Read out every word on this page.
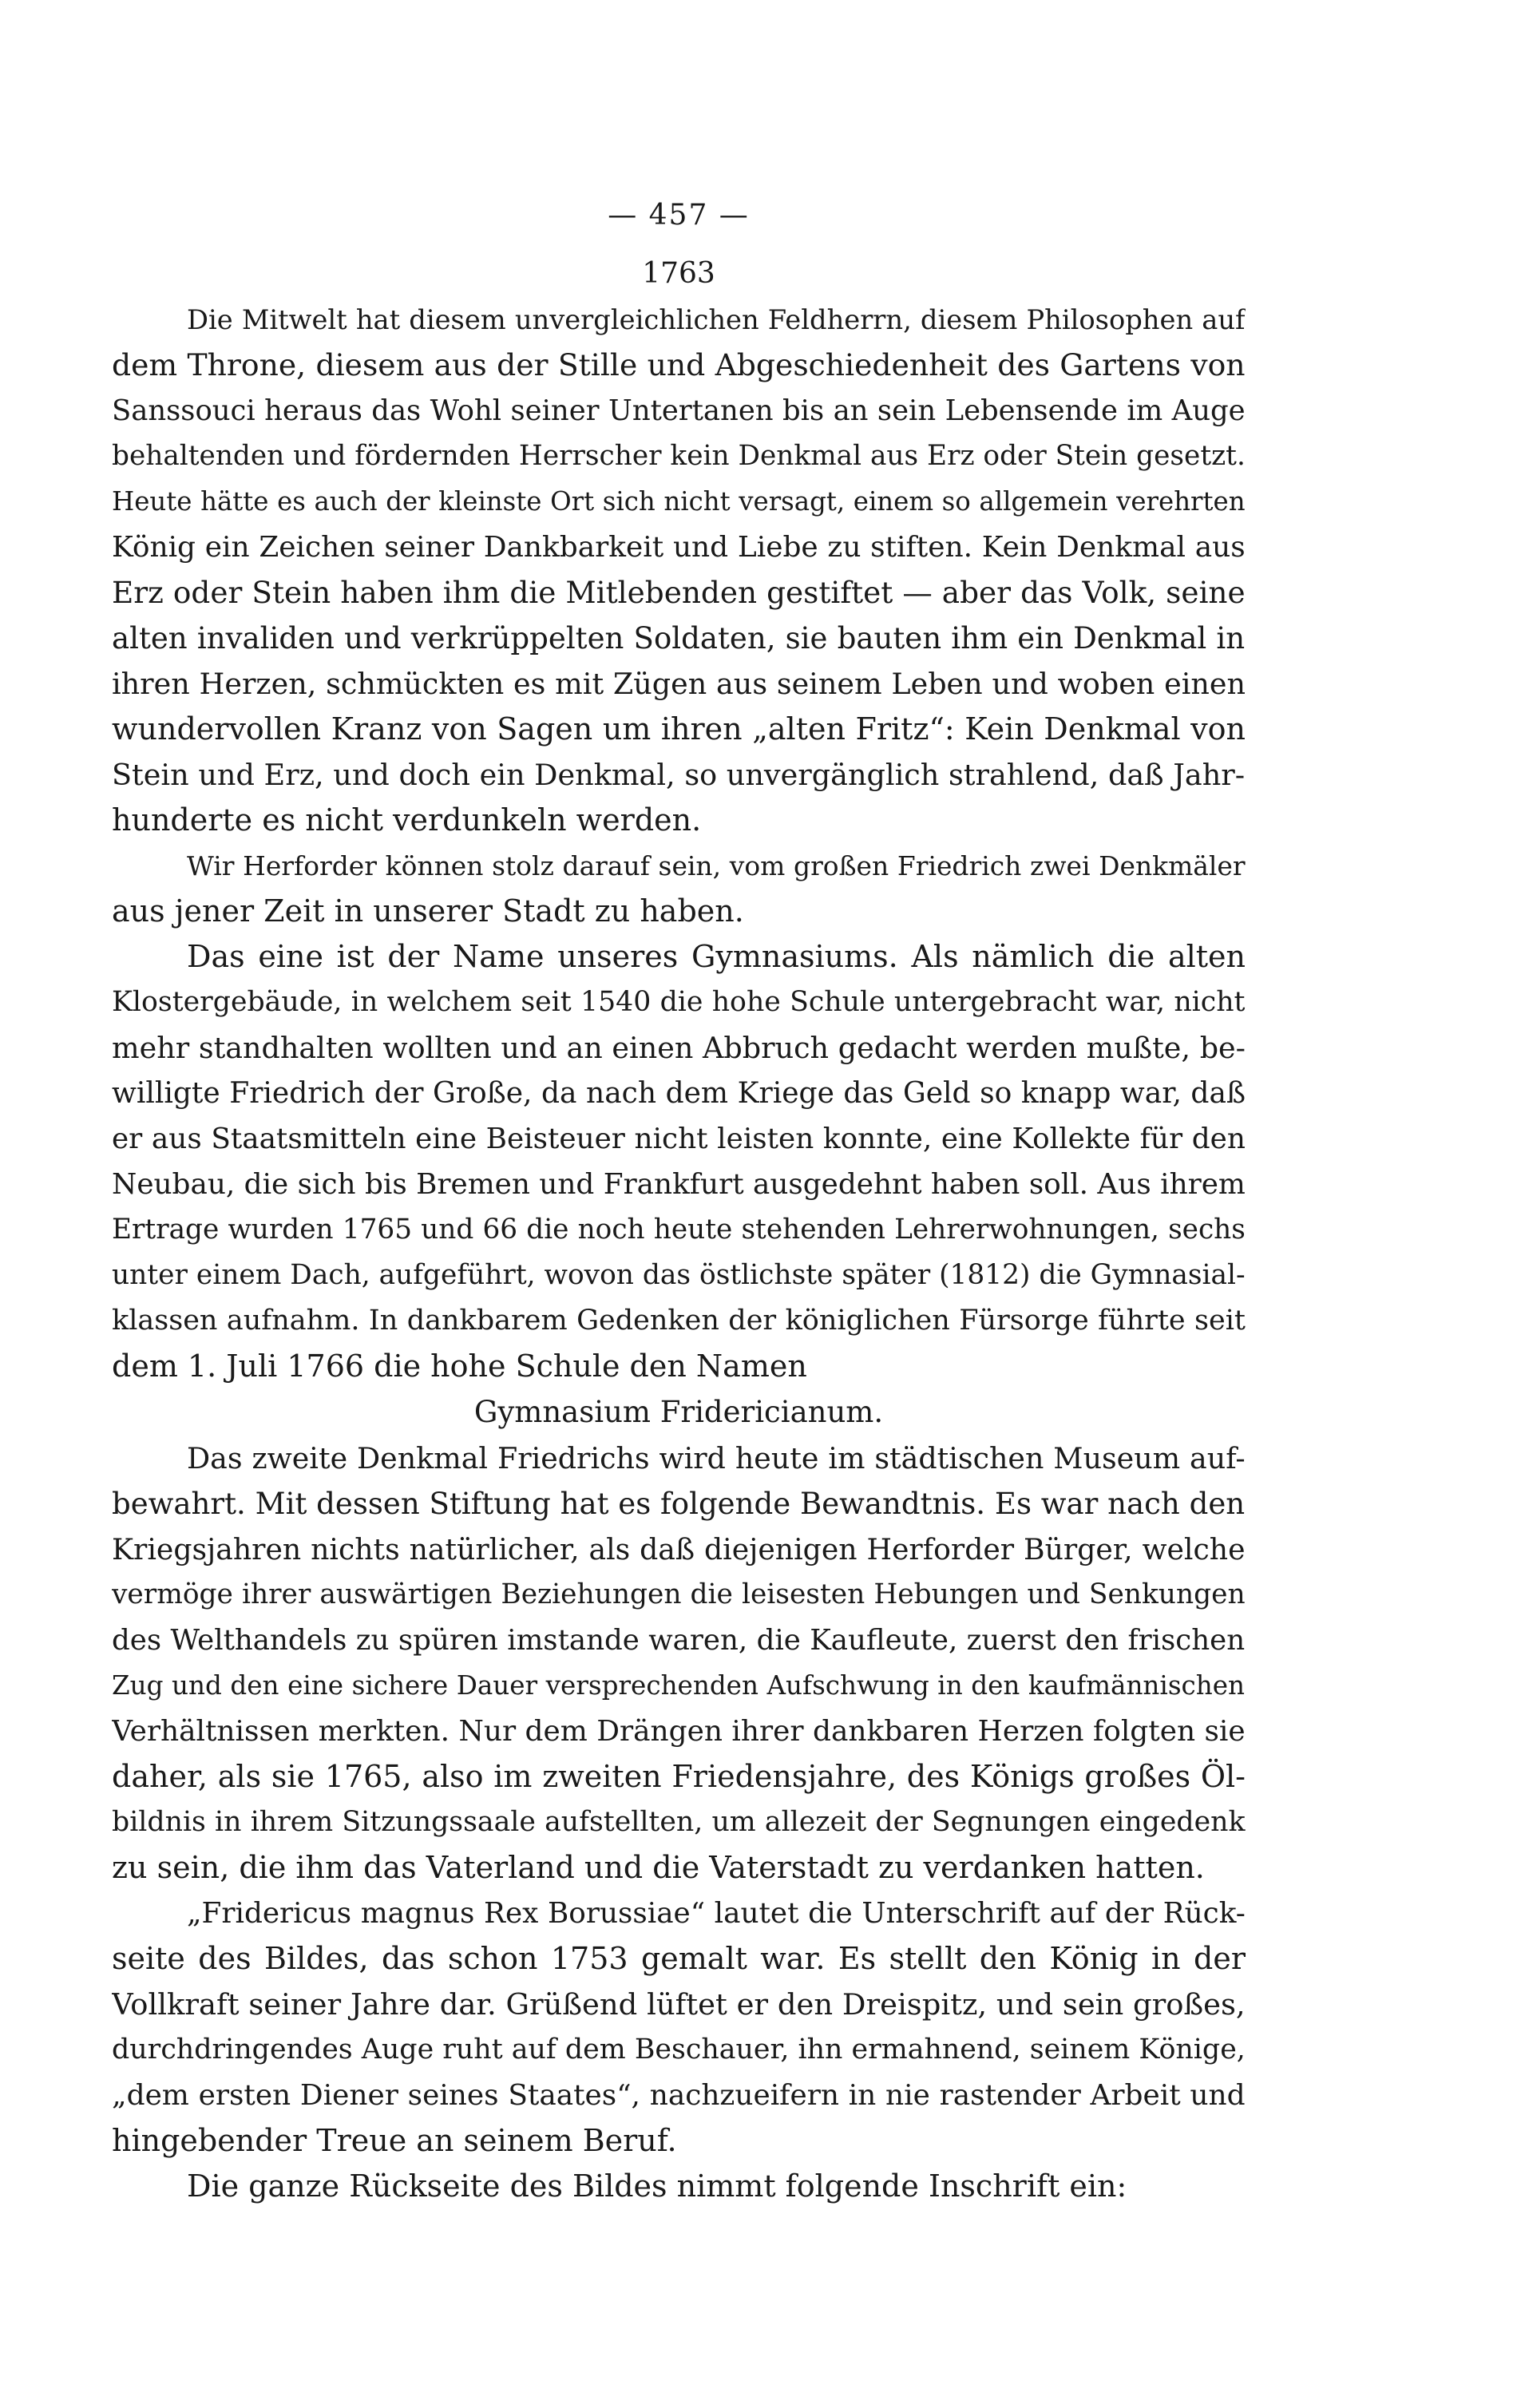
— 457 —
1763

Die Mitwelt hat diesem unvergleichlichen Feldherrn, diesem Philosophen auf
dem Throne, diesem aus der Stille und Abgeschiedenheit des Gartens von
Sanssouci heraus das Wohl seiner Untertanen bis an sein Lebensende im Auge
behaltenden und fördernden Herrscher kein Denkmal aus Erz oder Stein gesetzt.
Heute hätte es auch der kleinste Ort sich nicht versagt, einem so allgemein verehrten
König ein Zeichen seiner Dankbarkeit und Liebe zu stiften. Kein Denkmal aus
Erz oder Stein haben ihm die Mitlebenden gestiftet — aber das Volk, seine
alten invaliden und verkrüppelten Soldaten, sie bauten ihm ein Denkmal in
ihren Herzen, schmückten es mit Zügen aus seinem Leben und woben einen
wundervollen Kranz von Sagen um ihren „alten Fritz“: Kein Denkmal von
Stein und Erz, und doch ein Denkmal, so unvergänglich strahlend, daß Jahr-
hunderte es nicht verdunkeln werden.

Wir Herforder können stolz darauf sein, vom großen Friedrich zwei Denkmäler
aus jener Zeit in unserer Stadt zu haben.

Das eine ist der Name unseres Gymnasiums. Als nämlich die alten
Klostergebäude, in welchem seit 1540 die hohe Schule untergebracht war, nicht
mehr standhalten wollten und an einen Abbruch gedacht werden mußte, be-
willigte Friedrich der Große, da nach dem Kriege das Geld so knapp war, daß
er aus Staatsmitteln eine Beisteuer nicht leisten konnte, eine Kollekte für den
Neubau, die sich bis Bremen und Frankfurt ausgedehnt haben soll. Aus ihrem
Ertrage wurden 1765 und 66 die noch heute stehenden Lehrerwohnungen, sechs
unter einem Dach, aufgeführt, wovon das östlichste später (1812) die Gymnasial-
klassen aufnahm. In dankbarem Gedenken der königlichen Fürsorge führte seit
dem 1. Juli 1766 die hohe Schule den Namen
Gymnasium Fridericianum.

Das zweite Denkmal Friedrichs wird heute im städtischen Museum auf-
bewahrt. Mit dessen Stiftung hat es folgende Bewandtnis. Es war nach den
Kriegsjahren nichts natürlicher, als daß diejenigen Herforder Bürger, welche
vermöge ihrer auswärtigen Beziehungen die leisesten Hebungen und Senkungen
des Welthandels zu spüren imstande waren, die Kaufleute, zuerst den frischen
Zug und den eine sichere Dauer versprechenden Aufschwung in den kaufmännischen
Verhältnissen merkten. Nur dem Drängen ihrer dankbaren Herzen folgten sie
daher, als sie 1765, also im zweiten Friedensjahre, des Königs großes Öl-
bildnis in ihrem Sitzungssaale aufstellten, um allezeit der Segnungen eingedenk
zu sein, die ihm das Vaterland und die Vaterstadt zu verdanken hatten.

„Fridericus magnus Rex Borussiae“ lautet die Unterschrift auf der Rück-
seite des Bildes, das schon 1753 gemalt war. Es stellt den König in der
Vollkraft seiner Jahre dar. Grüßend lüftet er den Dreispitz, und sein großes,
durchdringendes Auge ruht auf dem Beschauer, ihn ermahnend, seinem Könige,
„dem ersten Diener seines Staates“, nachzueifern in nie rastender Arbeit und
hingebender Treue an seinem Beruf.

Die ganze Rückseite des Bildes nimmt folgende Inschrift ein:
